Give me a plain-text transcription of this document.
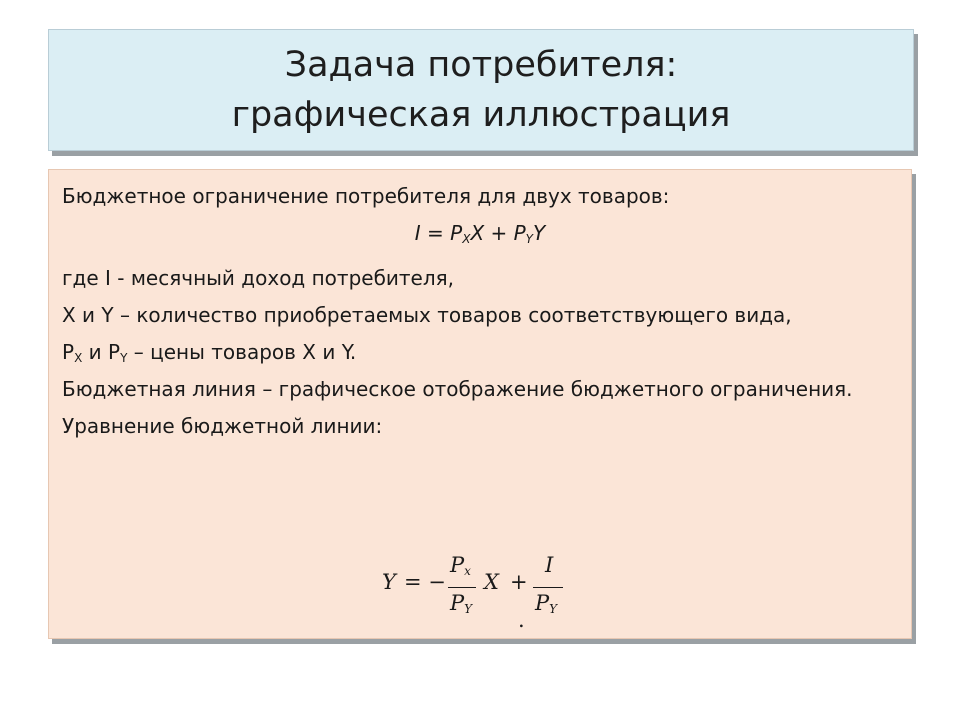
Задача потребителя:
графическая иллюстрация
Бюджетное ограничение потребителя для двух товаров:
$I = P_XX + P_YY$
где I - месячный доход потребителя,
X и Y – количество приобретаемых товаров соответствующего вида,
$P_X$ и $P_Y$ – цены товаров X и Y.
Бюджетная линия – графическое отображение бюджетного ограничения.
Уравнение бюджетной линии:
Y = −
$P_x$
$P_Y$
X +
I
$P_Y$
.
